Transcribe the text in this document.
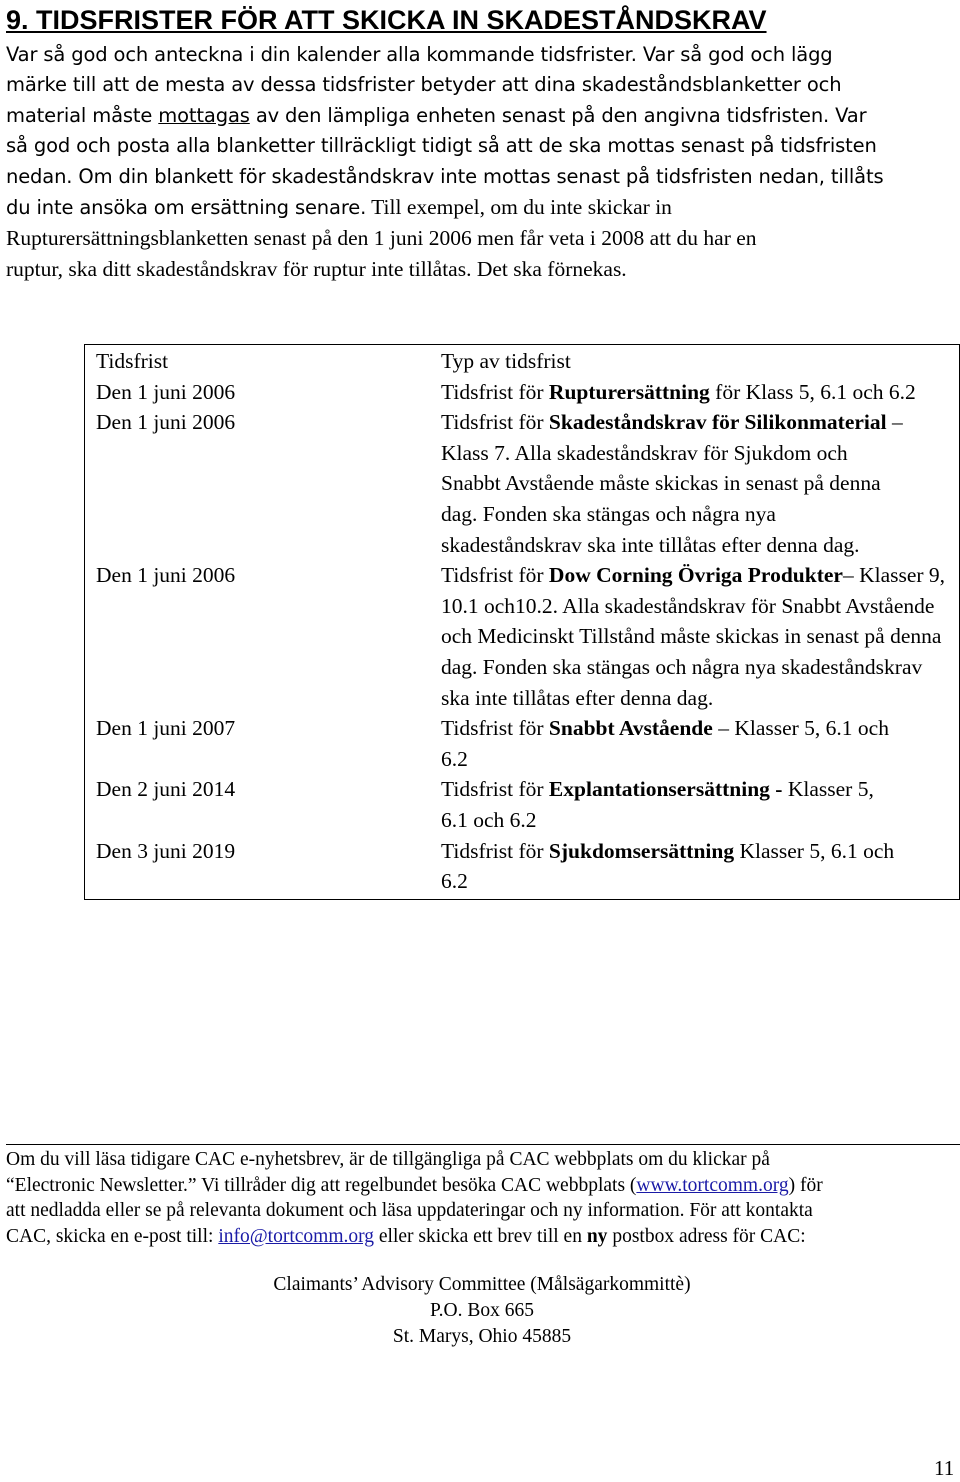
9. TIDSFRISTER FÖR ATT SKICKA IN SKADESTÅNDSKRAV
Var så god och anteckna i din kalender alla kommande tidsfrister. Var så god och lägg
märke till att de mesta av dessa tidsfrister betyder att dina skadeståndsblanketter och
material måste mottagas av den lämpliga enheten senast på den angivna tidsfristen. Var
så god och posta alla blanketter tillräckligt tidigt så att de ska mottas senast på tidsfristen
nedan. Om din blankett för skadeståndskrav inte mottas senast på tidsfristen nedan, tillåts
du inte ansöka om ersättning senare. Till exempel, om du inte skickar in
Rupturersättningsblanketten senast på den 1 juni 2006 men får veta i 2008 att du har en
ruptur, ska ditt skadeståndskrav för ruptur inte tillåtas. Det ska förnekas.
Tidsfrist	Typ av tidsfrist
Den 1 juni 2006	Tidsfrist för Rupturersättning för Klass 5, 6.1 och 6.2

Den 1 juni 2006	Tidsfrist för Skadeståndskrav för Silikonmaterial – Klass 7. Alla skadeståndskrav för Sjukdom och Snabbt Avstående måste skickas in senast på denna dag. Fonden ska stängas och några nya skadeståndskrav ska inte tillåtas efter denna dag.

Den 1 juni 2006	Tidsfrist för Dow Corning Övriga Produkter– Klasser 9, 10.1 och10.2. Alla skadeståndskrav för Snabbt Avstående och Medicinskt Tillstånd måste skickas in senast på denna dag. Fonden ska stängas och några nya skadeståndskrav ska inte tillåtas efter denna dag.

Den 1 juni 2007	Tidsfrist för Snabbt Avstående – Klasser 5, 6.1 och 6.2

Den 2 juni 2014	Tidsfrist för Explantationsersättning - Klasser 5, 6.1 och 6.2

Den 3 juni 2019	Tidsfrist för Sjukdomsersättning Klasser 5, 6.1 och 6.2
Om du vill läsa tidigare CAC e-nyhetsbrev, är de tillgängliga på CAC webbplats om du klickar på
“Electronic Newsletter.” Vi tillråder dig att regelbundet besöka CAC webbplats (www.tortcomm.org) för
att nedladda eller se på relevanta dokument och läsa uppdateringar och ny information. För att kontakta
CAC, skicka en e-post till: info@tortcomm.org eller skicka ett brev till en ny postbox adress för CAC:
Claimants’ Advisory Committee (Målsägarkommittè)
P.O. Box 665
St. Marys, Ohio 45885
11
